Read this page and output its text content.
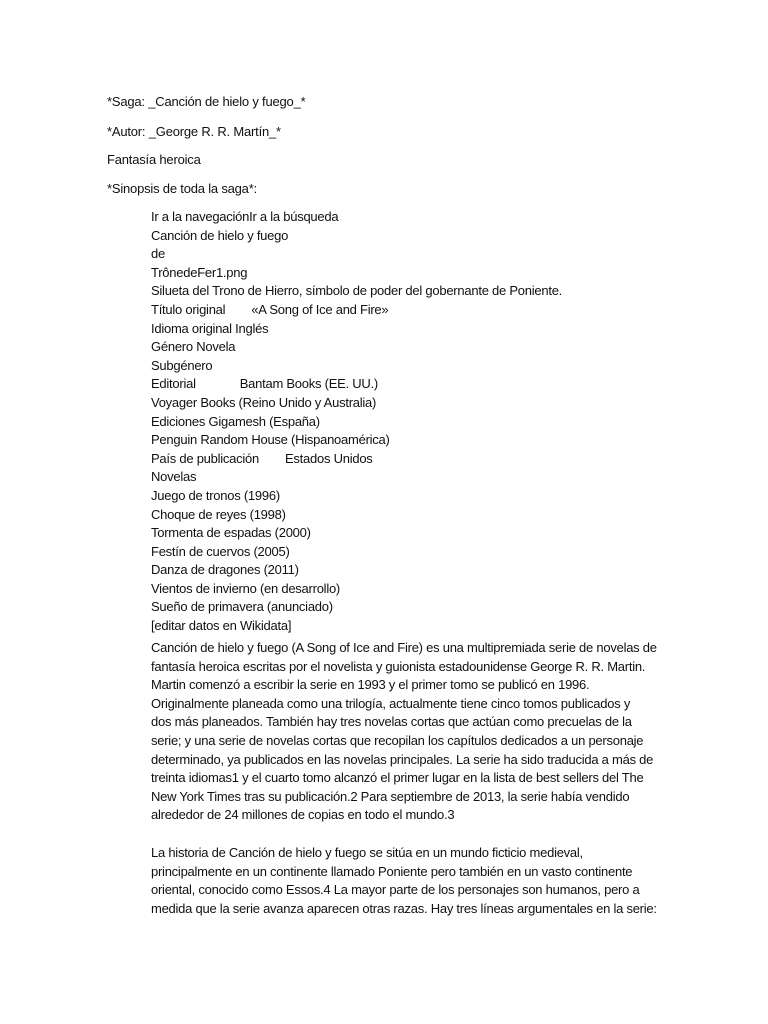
*Saga: _Canción de hielo y fuego_*
*Autor: _George R. R. Martín_*
Fantasía heroica
*Sinopsis de toda la saga*:
Ir a la navegaciónIr a la búsqueda
Canción de hielo y fuego
de
TrônedeFer1.png
Silueta del Trono de Hierro, símbolo de poder del gobernante de Poniente.
Título original «A Song of Ice and Fire»
Idioma original Inglés
Género Novela
Subgénero
Editorial	Bantam Books (EE. UU.)
Voyager Books (Reino Unido y Australia)
Ediciones Gigamesh (España)
Penguin Random House (Hispanoamérica)
País de publicación Estados Unidos
Novelas
Juego de tronos (1996)
Choque de reyes (1998)
Tormenta de espadas (2000)
Festín de cuervos (2005)
Danza de dragones (2011)
Vientos de invierno (en desarrollo)
Sueño de primavera (anunciado)
[editar datos en Wikidata]
Canción de hielo y fuego (A Song of Ice and Fire) es una multipremiada serie de novelas de
fantasía heroica escritas por el novelista y guionista estadounidense George R. R. Martin.
Martin comenzó a escribir la serie en 1993 y el primer tomo se publicó en 1996.
Originalmente planeada como una trilogía, actualmente tiene cinco tomos publicados y
dos más planeados. También hay tres novelas cortas que actúan como precuelas de la
serie; y una serie de novelas cortas que recopilan los capítulos dedicados a un personaje
determinado, ya publicados en las novelas principales. La serie ha sido traducida a más de
treinta idiomas1 y el cuarto tomo alcanzó el primer lugar en la lista de best sellers del The
New York Times tras su publicación.2 Para septiembre de 2013, la serie había vendido
alrededor de 24 millones de copias en todo el mundo.3
La historia de Canción de hielo y fuego se sitúa en un mundo ficticio medieval,
principalmente en un continente llamado Poniente pero también en un vasto continente
oriental, conocido como Essos.4 La mayor parte de los personajes son humanos, pero a
medida que la serie avanza aparecen otras razas. Hay tres líneas argumentales en la serie:
